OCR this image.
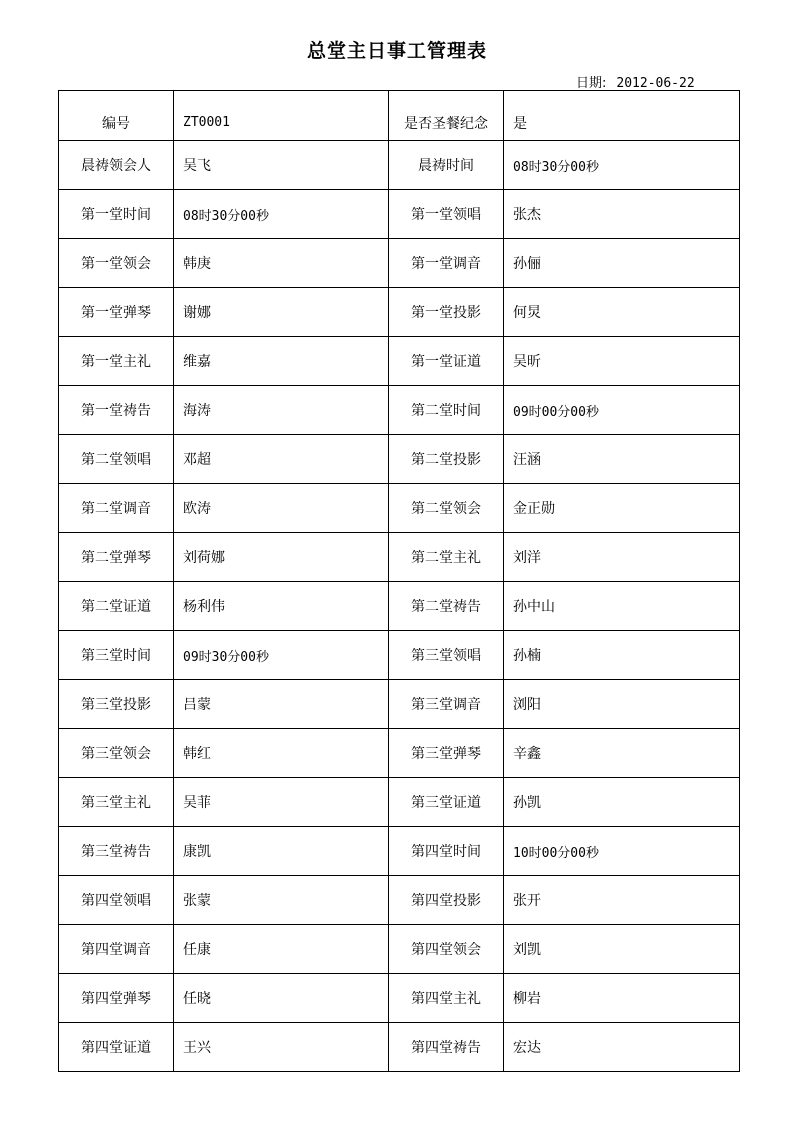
总堂主日事工管理表
日期: 2012-06-22
编号	ZT0001	是否圣餐纪念	是
晨祷领会人	吴飞	晨祷时间	08时30分00秒
第一堂时间	08时30分00秒	第一堂领唱	张杰
第一堂领会	韩庚	第一堂调音	孙俪
第一堂弹琴	谢娜	第一堂投影	何炅
第一堂主礼	维嘉	第一堂证道	吴昕
第一堂祷告	海涛	第二堂时间	09时00分00秒
第二堂领唱	邓超	第二堂投影	汪涵
第二堂调音	欧涛	第二堂领会	金正勋
第二堂弹琴	刘荷娜	第二堂主礼	刘洋
第二堂证道	杨利伟	第二堂祷告	孙中山
第三堂时间	09时30分00秒	第三堂领唱	孙楠
第三堂投影	吕蒙	第三堂调音	浏阳
第三堂领会	韩红	第三堂弹琴	辛鑫
第三堂主礼	吴菲	第三堂证道	孙凯
第三堂祷告	康凯	第四堂时间	10时00分00秒
第四堂领唱	张蒙	第四堂投影	张开
第四堂调音	任康	第四堂领会	刘凯
第四堂弹琴	任晓	第四堂主礼	柳岩
第四堂证道	王兴	第四堂祷告	宏达
